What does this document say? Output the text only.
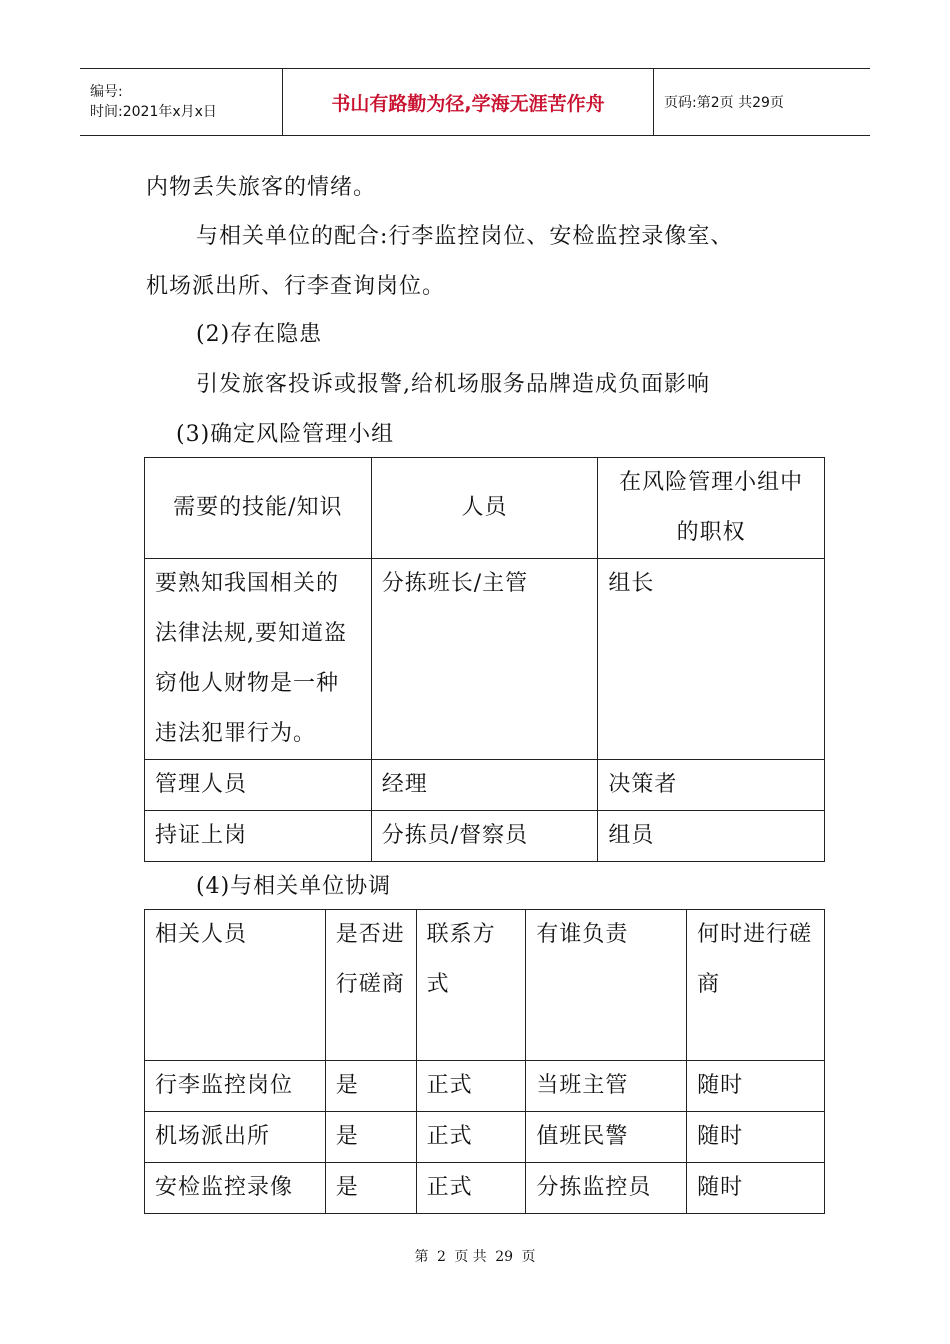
编号:
时间:2021年x月x日	书山有路勤为径,学海无涯苦作舟	页码:第2页 共29页
内物丢失旅客的情绪。
与相关单位的配合:行李监控岗位、安检监控录像室、
机场派出所、行李查询岗位。
(2)存在隐患
引发旅客投诉或报警,给机场服务品牌造成负面影响
(3)确定风险管理小组
需要的技能/知识	人员	在风险管理小组中的职权
要熟知我国相关的法律法规,要知道盗窃他人财物是一种违法犯罪行为。	分拣班长/主管	组长
管理人员	经理	决策者
持证上岗	分拣员/督察员	组员
(4)与相关单位协调
相关人员	是否进行磋商	联系方式	有谁负责	何时进行磋商
行李监控岗位	是	正式	当班主管	随时
机场派出所	是	正式	值班民警	随时
安检监控录像	是	正式	分拣监控员	随时
第 2 页 共 29 页
